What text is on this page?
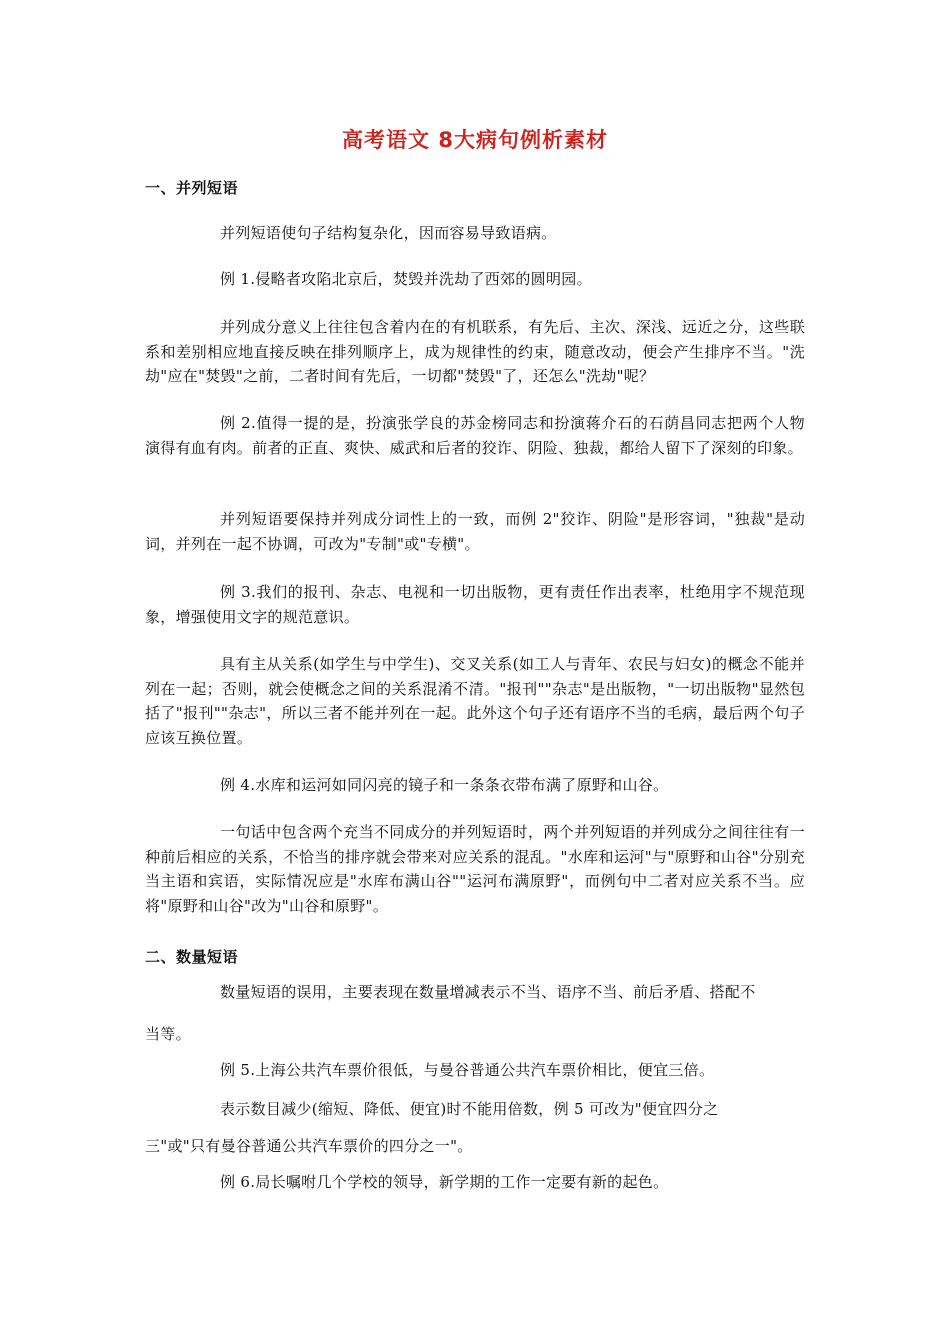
高考语文 8大病句例析素材
一、并列短语

并列短语使句子结构复杂化，因而容易导致语病。

例 1.侵略者攻陷北京后，焚毁并洗劫了西郊的圆明园。

并列成分意义上往往包含着内在的有机联系，有先后、主次、深浅、远近之分，这些联系和差别相应地直接反映在排列顺序上，成为规律性的约束，随意改动，便会产生排序不当。"洗劫"应在"焚毁"之前，二者时间有先后，一切都"焚毁"了，还怎么"洗劫"呢？

例 2.值得一提的是，扮演张学良的苏金榜同志和扮演蒋介石的石荫昌同志把两个人物演得有血有肉。前者的正直、爽快、威武和后者的狡诈、阴险、独裁，都给人留下了深刻的印象。

并列短语要保持并列成分词性上的一致，而例 2"狡诈、阴险"是形容词，"独裁"是动词，并列在一起不协调，可改为"专制"或"专横"。

例 3.我们的报刊、杂志、电视和一切出版物，更有责任作出表率，杜绝用字不规范现象，增强使用文字的规范意识。

具有主从关系(如学生与中学生)、交叉关系(如工人与青年、农民与妇女)的概念不能并列在一起；否则，就会使概念之间的关系混淆不清。"报刊""杂志"是出版物，"一切出版物"显然包括了"报刊""杂志"，所以三者不能并列在一起。此外这个句子还有语序不当的毛病，最后两个句子应该互换位置。

例 4.水库和运河如同闪亮的镜子和一条条衣带布满了原野和山谷。

一句话中包含两个充当不同成分的并列短语时，两个并列短语的并列成分之间往往有一种前后相应的关系，不恰当的排序就会带来对应关系的混乱。"水库和运河"与"原野和山谷"分别充当主语和宾语，实际情况应是"水库布满山谷""运河布满原野"，而例句中二者对应关系不当。应将"原野和山谷"改为"山谷和原野"。

二、数量短语

数量短语的误用，主要表现在数量增减表示不当、语序不当、前后矛盾、搭配不

当等。

例 5.上海公共汽车票价很低，与曼谷普通公共汽车票价相比，便宜三倍。

表示数目减少(缩短、降低、便宜)时不能用倍数，例 5 可改为"便宜四分之

三"或"只有曼谷普通公共汽车票价的四分之一"。

例 6.局长嘱咐几个学校的领导，新学期的工作一定要有新的起色。
